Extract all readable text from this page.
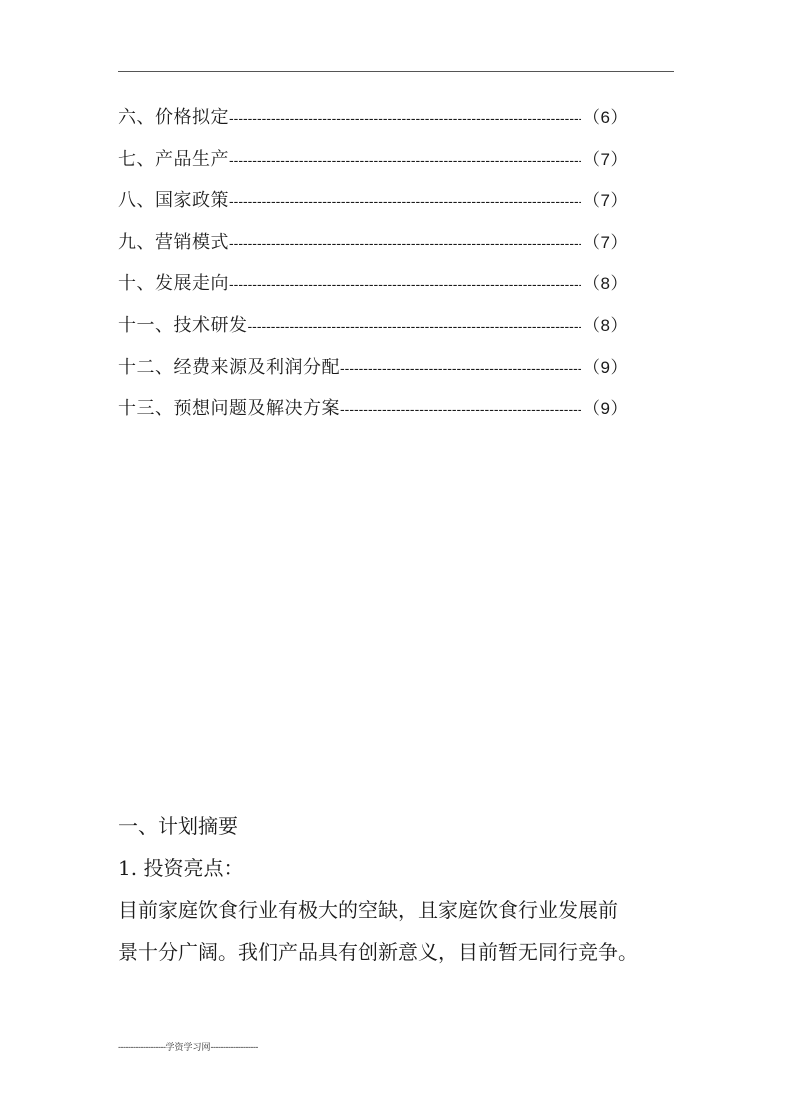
六、价格拟定 -----	（6）
七、产品生产 -----	（7）
八、国家政策 -----	（7）
九、营销模式 -----	（7）
十、发展走向 -----	（8）
十一、技术研发 -----	（8）
十二、经费来源及利润分配 -----	（9）
十三、预想问题及解决方案 -----	（9）

一、计划摘要

1. 投资亮点：

目前家庭饮食行业有极大的空缺，且家庭饮食行业发展前

景十分广阔。我们产品具有创新意义，目前暂无同行竞争。

-------------------学资学习网-------------------
